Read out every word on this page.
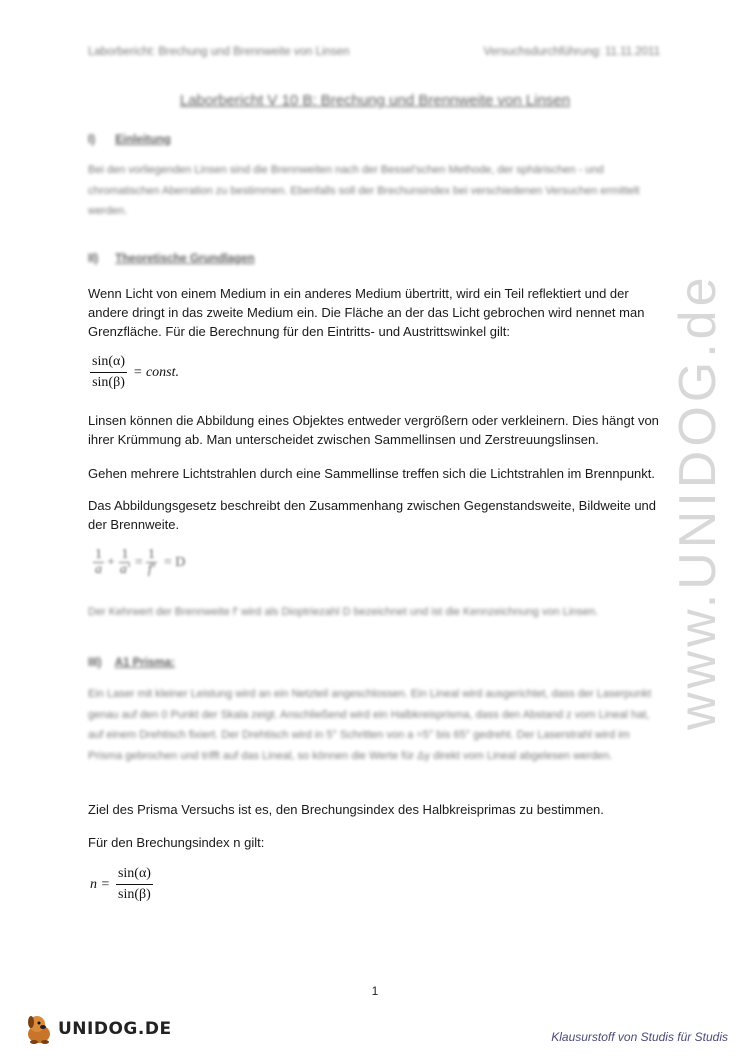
www.UNIDOG.de
Laborbericht: Brechung und Brennweite von Linsen	Versuchsdurchführung: 11.11.2011
Laborbericht V 10 B: Brechung und Brennweite von Linsen
I) Einleitung
Bei den vorliegenden Linsen sind die Brennweiten nach der Bessel'schen Methode, der sphärischen - und chromatischen Aberration zu bestimmen. Ebenfalls soll der Brechunsindex bei verschiedenen Versuchen ermittelt werden.
II) Theoretische Grundlagen
Wenn Licht von einem Medium in ein anderes Medium übertritt, wird ein Teil reflektiert und der andere dringt in das zweite Medium ein. Die Fläche an der das Licht gebrochen wird nennet man Grenzfläche. Für die Berechnung für den Eintritts- und Austrittswinkel gilt:
$\frac{\sin(\alpha)}{\sin(\beta)}$ = const.
Linsen können die Abbildung eines Objektes entweder vergrößern oder verkleinern. Dies hängt von ihrer Krümmung ab. Man unterscheidet zwischen Sammellinsen und Zerstreuungslinsen.
Gehen mehrere Lichtstrahlen durch eine Sammellinse treffen sich die Lichtstrahlen im Brennpunkt.
Das Abbildungsgesetz beschreibt den Zusammenhang zwischen Gegenstandsweite, Bildweite und der Brennweite.
$\frac{1}{a} + \frac{1}{a'} = \frac{1}{f'} = D$
Der Kehrwert der Brennweite f' wird als Dioptriezahl D bezeichnet und ist die Kennzeichnung von Linsen.
III) A1 Prisma:
Ein Laser mit kleiner Leistung wird an ein Netzteil angeschlossen. Ein Lineal wird ausgerichtet, dass der Laserpunkt genau auf den 0 Punkt der Skala zeigt. Anschließend wird ein Halbkreisprisma, dass den Abstand z vom Lineal hat, auf einem Drehtisch fixiert. Der Drehtisch wird in 5° Schritten von a =5° bis 65° gedreht. Der Laserstrahl wird im Prisma gebrochen und trifft auf das Lineal, so können die Werte für Δy direkt vom Lineal abgelesen werden.
Ziel des Prisma Versuchs ist es, den Brechungsindex des Halbkreisprimas zu bestimmen.
Für den Brechungsindex n gilt:
$n = \frac{\sin(\alpha)}{\sin(\beta)}$
1
UNIDOG.DE	Klausurstoff von Studis für Studis
